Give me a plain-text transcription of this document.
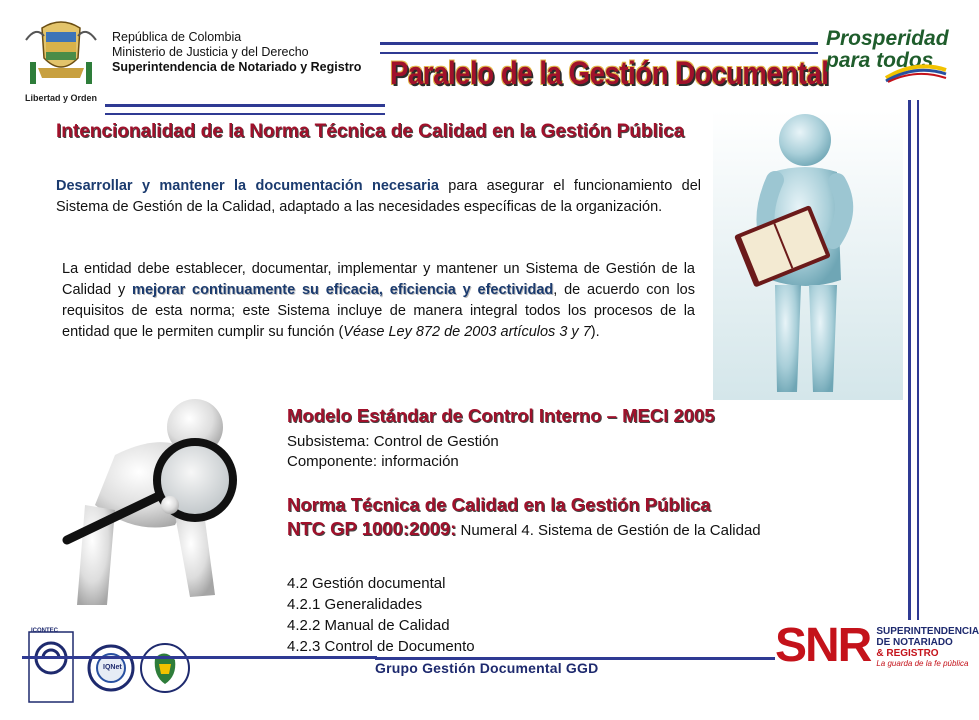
Libertad y Orden
República de Colombia
Ministerio de Justicia y del Derecho
Superintendencia de Notariado y Registro Paralelo de la Gestión Documental
Prosperidad
para todos
Intencionalidad de la Norma Técnica de Calidad en la Gestión Pública
Desarrollar y mantener la documentación necesaria para asegurar el funcionamiento del Sistema de Gestión de la Calidad, adaptado a las necesidades específicas de la organización.
La entidad debe establecer, documentar, implementar y mantener un Sistema de Gestión de la Calidad y mejorar continuamente su eficacia, eficiencia y efectividad, de acuerdo con los requisitos de esta norma; este Sistema incluye de manera integral todos los procesos de la entidad que le permiten cumplir su función (Véase Ley 872 de 2003 artículos 3 y 7).
Modelo Estándar de Control Interno – MECI 2005
Subsistema: Control de Gestión
Componente: información
Norma Técnica de Calidad en la Gestión Pública
NTC GP 1000:2009: Numeral 4. Sistema de Gestión de la Calidad
4.2 Gestión documental
4.2.1 Generalidades
4.2.2 Manual de Calidad
4.2.3 Control de Documento
ICONTEC
IQNet	Grupo Gestión Documental GGD	SNR SUPERINTENDENCIA
DE NOTARIADO
& REGISTRO
La guarda de la fe pública
